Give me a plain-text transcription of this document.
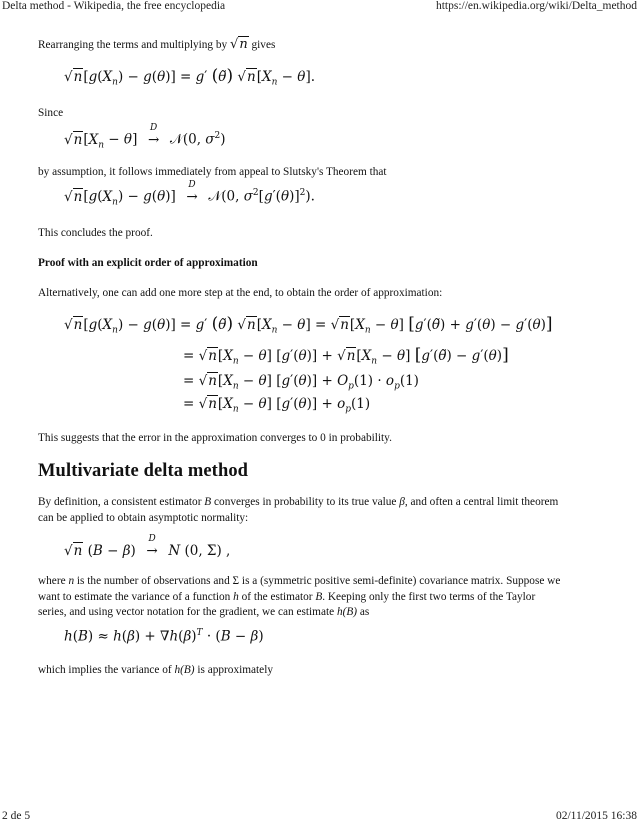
Delta method - Wikipedia, the free encyclopedia	https://en.wikipedia.org/wiki/Delta_method
2 de 5	02/11/2015 16:38
Rearranging the terms and multiplying by √n gives
$√n[g(X_n) - g(\theta)] = g'$ (θ̃) $√n[X_n - \theta]$.
Since
$√n[X_n - \theta]$
D
→ 𝒩(0, $\sigma^2$)
by assumption, it follows immediately from appeal to Slutsky's Theorem that
$√n[g(X_n) - g(\theta)]$
D
→ 𝒩(0, $\sigma^2[g'(\theta)]^2$).
This concludes the proof.
Proof with an explicit order of approximation
Alternatively, one can add one more step at the end, to obtain the order of approximation:
$√n[g(X_n) - g(\theta)] = g'$ (θ̃) $√n[X_n - \theta] = √n[X_n - \theta]$ [g′(θ̃) + g′(θ) − g′(θ)]
= $√n[X_n - \theta] [g'(\theta)] + √n[X_n - \theta]$ [g′(θ̃) − g′(θ)]
= $√n[X_n - \theta] [g'(\theta)] + O_p(1) \cdot o_p(1)$
= $√n[X_n - \theta] [g'(\theta)] + o_p(1)$
This suggests that the error in the approximation converges to 0 in probability.
Multivariate delta method
By definition, a consistent estimator B converges in probability to its true value β, and often a central limit theorem can be applied to obtain asymptotic normality:
√n (B − β)
D
→ N (0, Σ) ,
where n is the number of observations and Σ is a (symmetric positive semi-definite) covariance matrix. Suppose we want to estimate the variance of a function h of the estimator B. Keeping only the first two terms of the Taylor series, and using vector notation for the gradient, we can estimate h(B) as
$h(B) \approx h(\beta) + \nabla h(\beta)^T \cdot (B - \beta)$
which implies the variance of h(B) is approximately
